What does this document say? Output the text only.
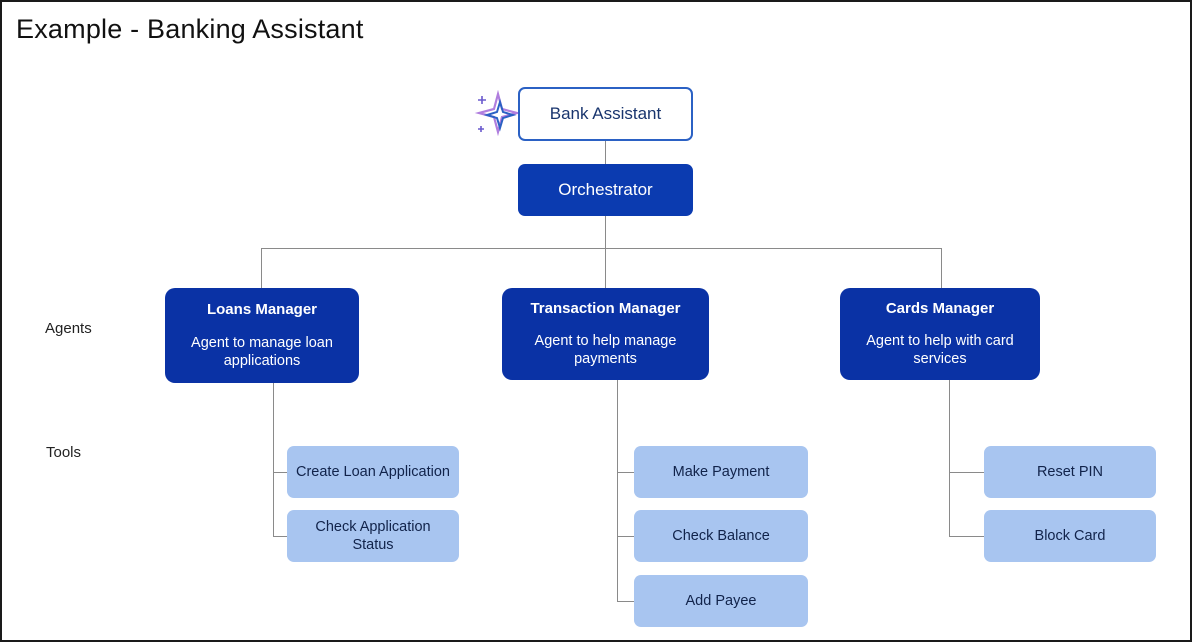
Example - Banking Assistant
Agents
Tools
Bank Assistant
Orchestrator
Loans Manager
Agent to manage loan applications
Transaction Manager
Agent to help manage payments
Cards Manager
Agent to help with card services
Create Loan Application
Check Application Status
Make Payment
Check Balance
Add Payee
Reset PIN
Block Card
